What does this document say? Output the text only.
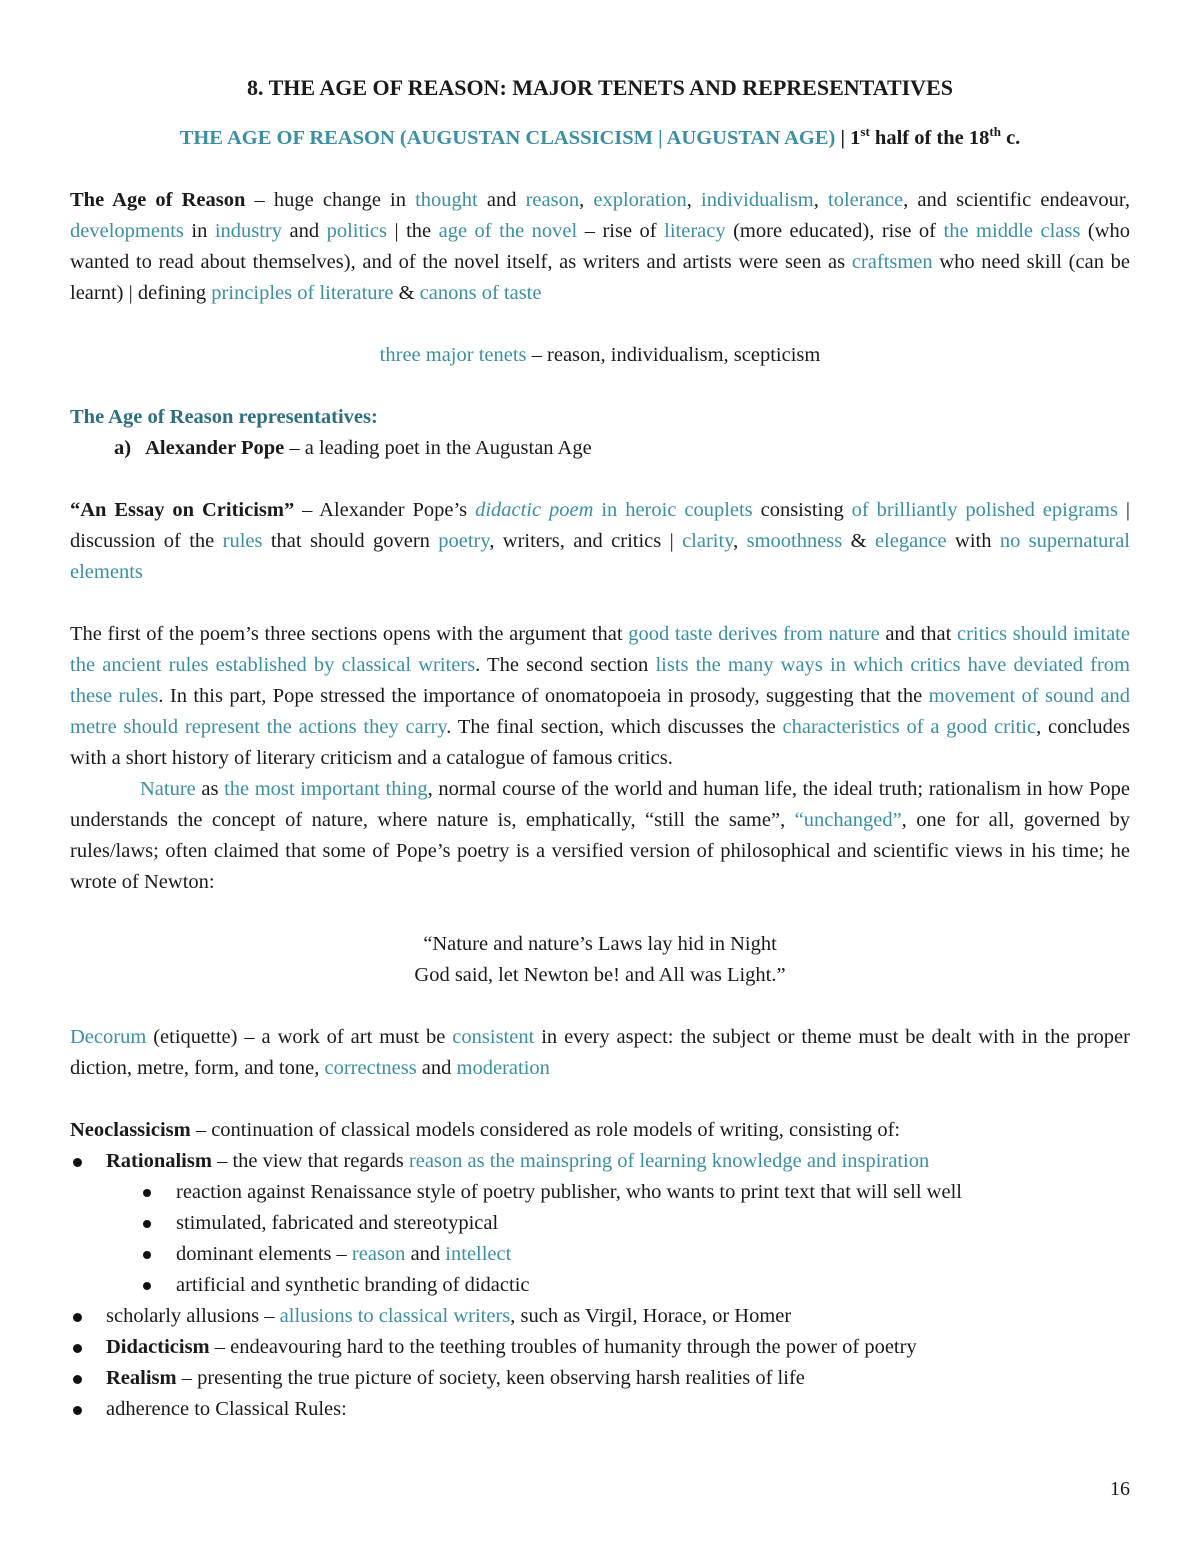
8. THE AGE OF REASON: MAJOR TENETS AND REPRESENTATIVES

THE AGE OF REASON (AUGUSTAN CLASSICISM | AUGUSTAN AGE) | 1st half of the 18th c.

The Age of Reason – huge change in thought and reason, exploration, individualism, tolerance, and scientific endeavour, developments in industry and politics | the age of the novel – rise of literacy (more educated), rise of the middle class (who wanted to read about themselves), and of the novel itself, as writers and artists were seen as craftsmen who need skill (can be learnt) | defining principles of literature & canons of taste

three major tenets – reason, individualism, scepticism

The Age of Reason representatives:

a) Alexander Pope – a leading poet in the Augustan Age

“An Essay on Criticism” – Alexander Pope’s didactic poem in heroic couplets consisting of brilliantly polished epigrams | discussion of the rules that should govern poetry, writers, and critics | clarity, smoothness & elegance with no supernatural elements

The first of the poem’s three sections opens with the argument that good taste derives from nature and that critics should imitate the ancient rules established by classical writers. The second section lists the many ways in which critics have deviated from these rules. In this part, Pope stressed the importance of onomatopoeia in prosody, suggesting that the movement of sound and metre should represent the actions they carry. The final section, which discusses the characteristics of a good critic, concludes with a short history of literary criticism and a catalogue of famous critics.

Nature as the most important thing, normal course of the world and human life, the ideal truth; rationalism in how Pope understands the concept of nature, where nature is, emphatically, “still the same”, “unchanged”, one for all, governed by rules/laws; often claimed that some of Pope’s poetry is a versified version of philosophical and scientific views in his time; he wrote of Newton:

“Nature and nature’s Laws lay hid in Night

God said, let Newton be! and All was Light.”

Decorum (etiquette) – a work of art must be consistent in every aspect: the subject or theme must be dealt with in the proper diction, metre, form, and tone, correctness and moderation

Neoclassicism – continuation of classical models considered as role models of writing, consisting of:

Rationalism – the view that regards reason as the mainspring of learning knowledge and inspiration

reaction against Renaissance style of poetry publisher, who wants to print text that will sell well

stimulated, fabricated and stereotypical

dominant elements – reason and intellect

artificial and synthetic branding of didactic

scholarly allusions – allusions to classical writers, such as Virgil, Horace, or Homer

Didacticism – endeavouring hard to the teething troubles of humanity through the power of poetry

Realism – presenting the true picture of society, keen observing harsh realities of life

adherence to Classical Rules:

16
